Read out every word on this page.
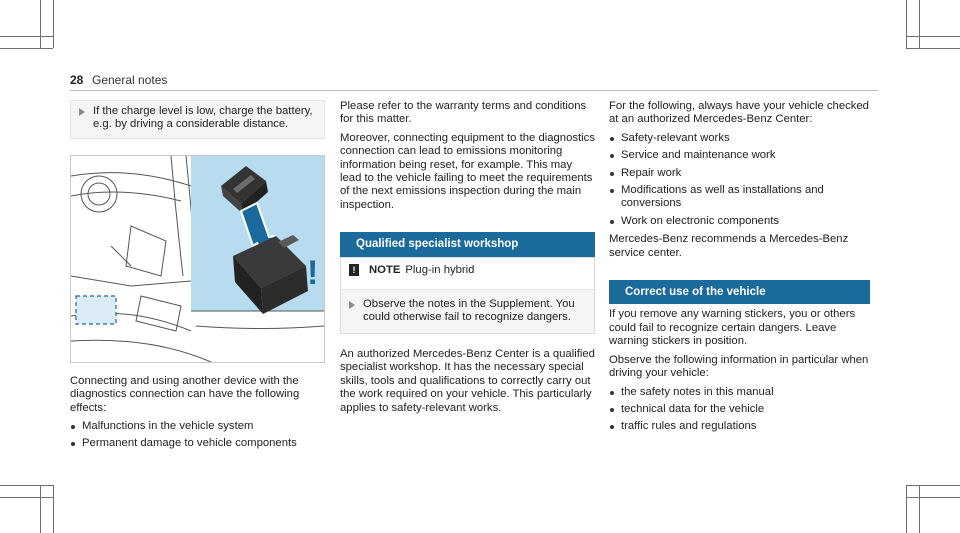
28 General notes
If the charge level is low, charge the battery, e.g. by driving a considerable distance.
!

Connecting and using another device with the diagnostics connection can have the following effects:

Malfunctions in the vehicle system
Permanent damage to vehicle components

Please refer to the warranty terms and conditions for this matter.

Moreover, connecting equipment to the diagnostics connection can lead to emissions monitoring information being reset, for example. This may lead to the vehicle failing to meet the requirements of the next emissions inspection during the main inspection.

Qualified specialist workshop
!	NOTE Plug-in hybrid
Observe the notes in the Supplement. You could otherwise fail to recognize dangers.

An authorized Mercedes-Benz Center is a qualified specialist workshop. It has the necessary special skills, tools and qualifications to correctly carry out the work required on your vehicle. This particularly applies to safety-relevant works.

For the following, always have your vehicle checked at an authorized Mercedes-Benz Center:

Safety-relevant works
Service and maintenance work
Repair work
Modifications as well as installations and conversions
Work on electronic components

Mercedes-Benz recommends a Mercedes-Benz service center.

Correct use of the vehicle

If you remove any warning stickers, you or others could fail to recognize certain dangers. Leave warning stickers in position.

Observe the following information in particular when driving your vehicle:

the safety notes in this manual
technical data for the vehicle
traffic rules and regulations
